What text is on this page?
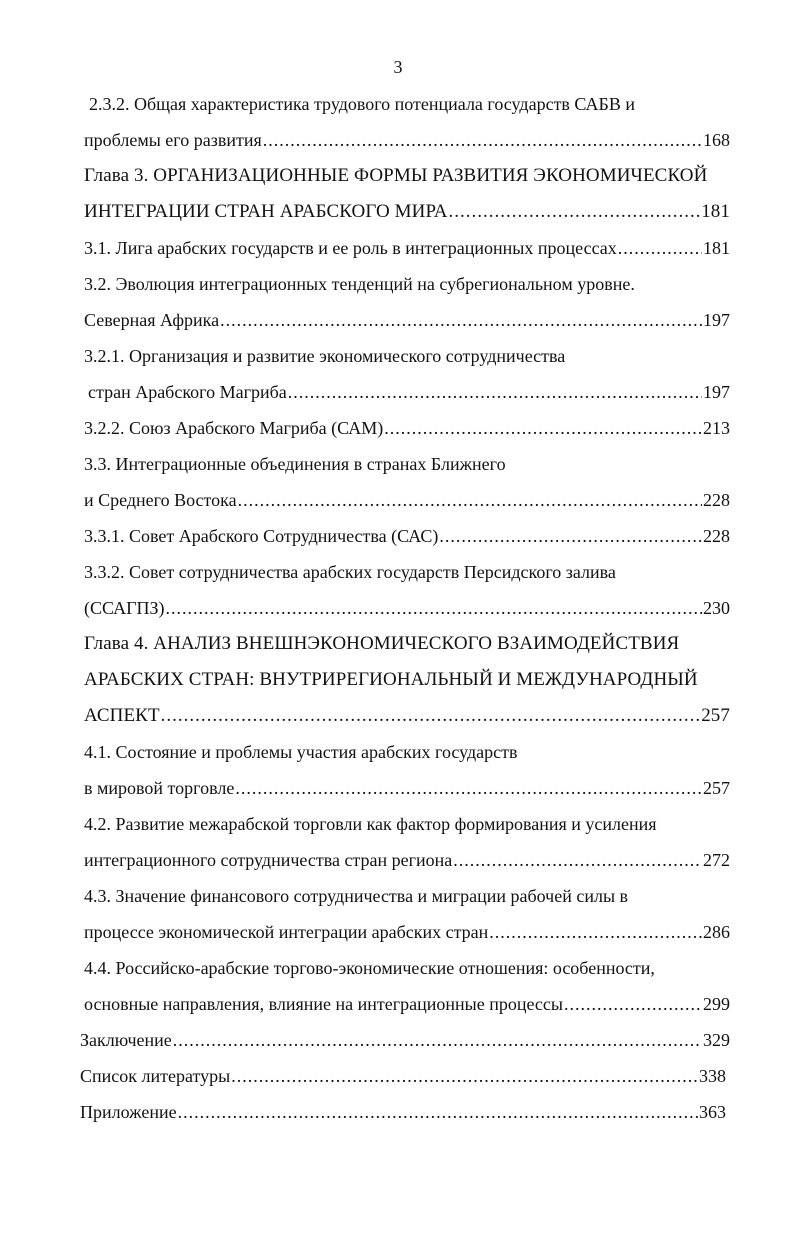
3
2.3.2. Общая характеристика трудового потенциала государств САБВ и
проблемы его развития .....	168
Глава 3. ОРГАНИЗАЦИОННЫЕ ФОРМЫ РАЗВИТИЯ ЭКОНОМИЧЕСКОЙ
ИНТЕГРАЦИИ СТРАН АРАБСКОГО МИРА .....	181
3.1. Лига арабских государств и ее роль в интеграционных процессах .....	181
3.2. Эволюция интеграционных тенденций на субрегиональном уровне.
Северная Африка .....	197
3.2.1. Организация и развитие экономического сотрудничества
стран Арабского Магриба .....	197
3.2.2. Союз Арабского Магриба (САМ) .....	213
3.3. Интеграционные объединения в странах Ближнего
и Среднего Востока .....	228
3.3.1. Совет Арабского Сотрудничества (САС) .....	228
3.3.2. Совет сотрудничества арабских государств Персидского залива
(ССАГПЗ) .....	230
Глава 4. АНАЛИЗ ВНЕШНЭКОНОМИЧЕСКОГО ВЗАИМОДЕЙСТВИЯ
АРАБСКИХ СТРАН: ВНУТРИРЕГИОНАЛЬНЫЙ И МЕЖДУНАРОДНЫЙ
АСПЕКТ .....	257
4.1. Состояние и проблемы участия арабских государств
в мировой торговле .....	257
4.2. Развитие межарабской торговли как фактор формирования и усиления
интеграционного сотрудничества стран региона .....	272
4.3. Значение финансового сотрудничества и миграции рабочей силы в
процессе экономической интеграции арабских стран .....	286
4.4. Российско-арабские торгово-экономические отношения: особенности,
основные направления, влияние на интеграционные процессы .....	299
Заключение .....	329
Список литературы .....	338
Приложение .....	363
